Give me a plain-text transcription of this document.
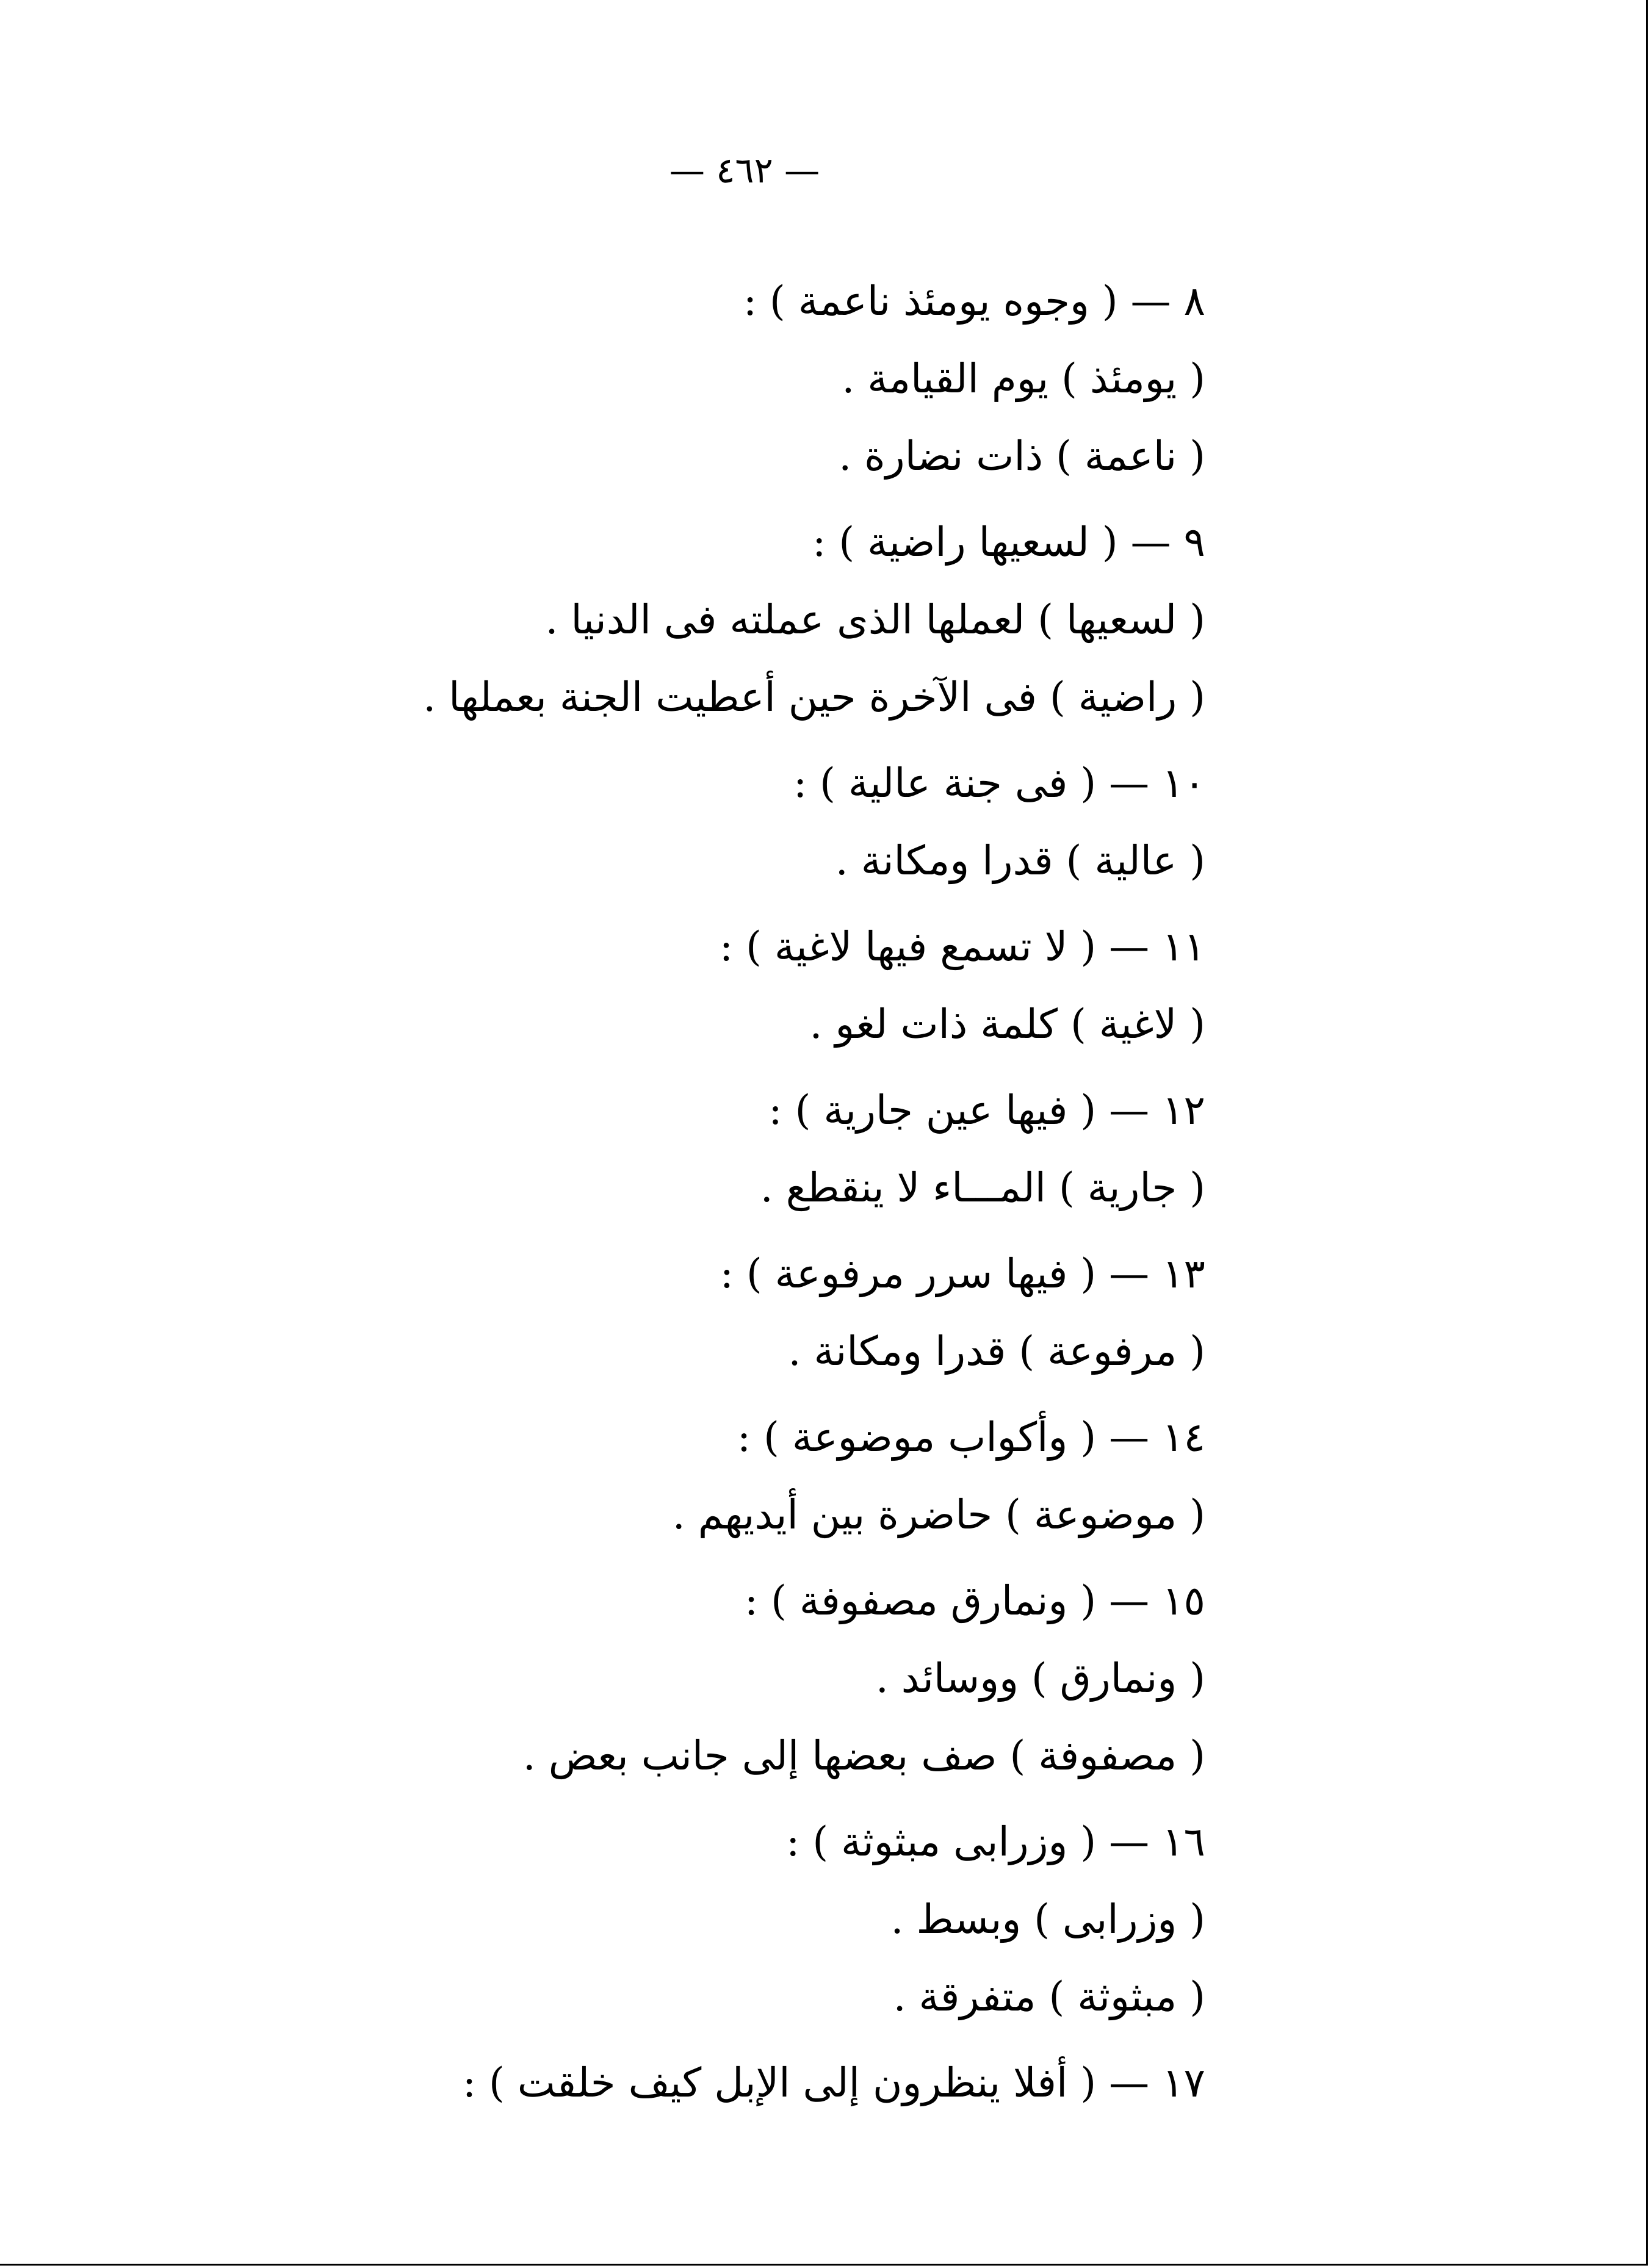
— ٤٦٢ —
٨ — ( وجوه يومئذ ناعمة ) :
( يومئذ ) يوم القيامة .
( ناعمة ) ذات نضارة .
٩ — ( لسعيها راضية ) :
( لسعيها ) لعملها الذى عملته فى الدنيا .
( راضية ) فى الآخرة حين أعطيت الجنة بعملها .
١٠ — ( فى جنة عالية ) :
( عالية ) قدرا ومكانة .
١١ — ( لا تسمع فيها لاغية ) :
( لاغية ) كلمة ذات لغو .
١٢ — ( فيها عين جارية ) :
( جارية ) المـــاء لا ينقطع .
١٣ — ( فيها سرر مرفوعة ) :
( مرفوعة ) قدرا ومكانة .
١٤ — ( وأكواب موضوعة ) :
( موضوعة ) حاضرة بين أيديهم .
١٥ — ( ونمارق مصفوفة ) :
( ونمارق ) ووسائد .
( مصفوفة ) صف بعضها إلى جانب بعض .
١٦ — ( وزرابى مبثوثة ) :
( وزرابى ) وبسط .
( مبثوثة ) متفرقة .
١٧ — ( أفلا ينظرون إلى الإبل كيف خلقت ) :
